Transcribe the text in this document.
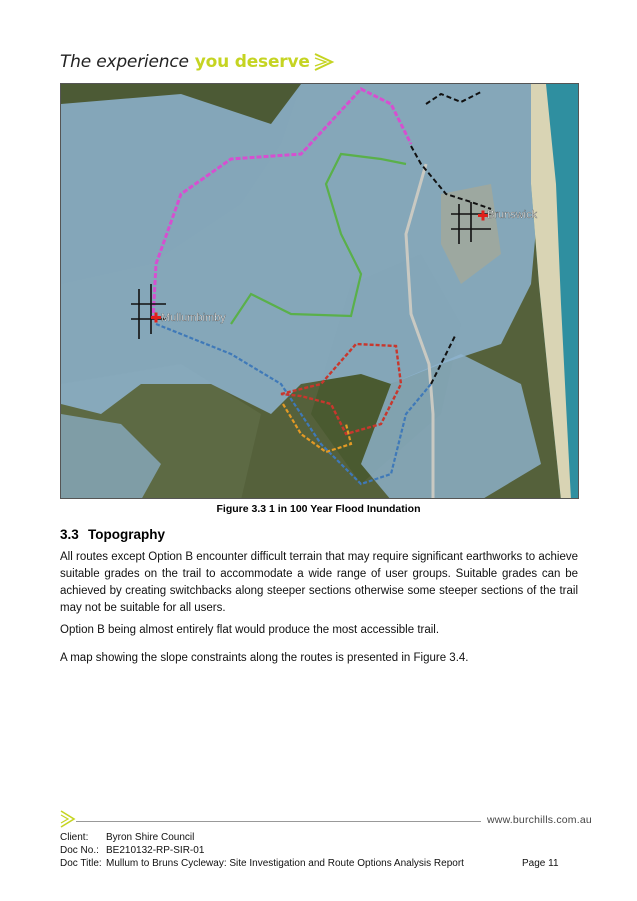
The experience you deserve
Mullumbimby
Brunswick
Figure 3.3 1 in 100 Year Flood Inundation
3.3 Topography

All routes except Option B encounter difficult terrain that may require significant earthworks to achieve suitable grades on the trail to accommodate a wide range of user groups. Suitable grades can be achieved by creating switchbacks along steeper sections otherwise some steeper sections of the trail may not be suitable for all users.

Option B being almost entirely flat would produce the most accessible trail.

A map showing the slope constraints along the routes is presented in Figure 3.4.

www.burchills.com.au
Client: Byron Shire Council
Doc No.: BE210132-RP-SIR-01
Doc Title: Mullum to Bruns Cycleway: Site Investigation and Route Options Analysis Report	Page 11
